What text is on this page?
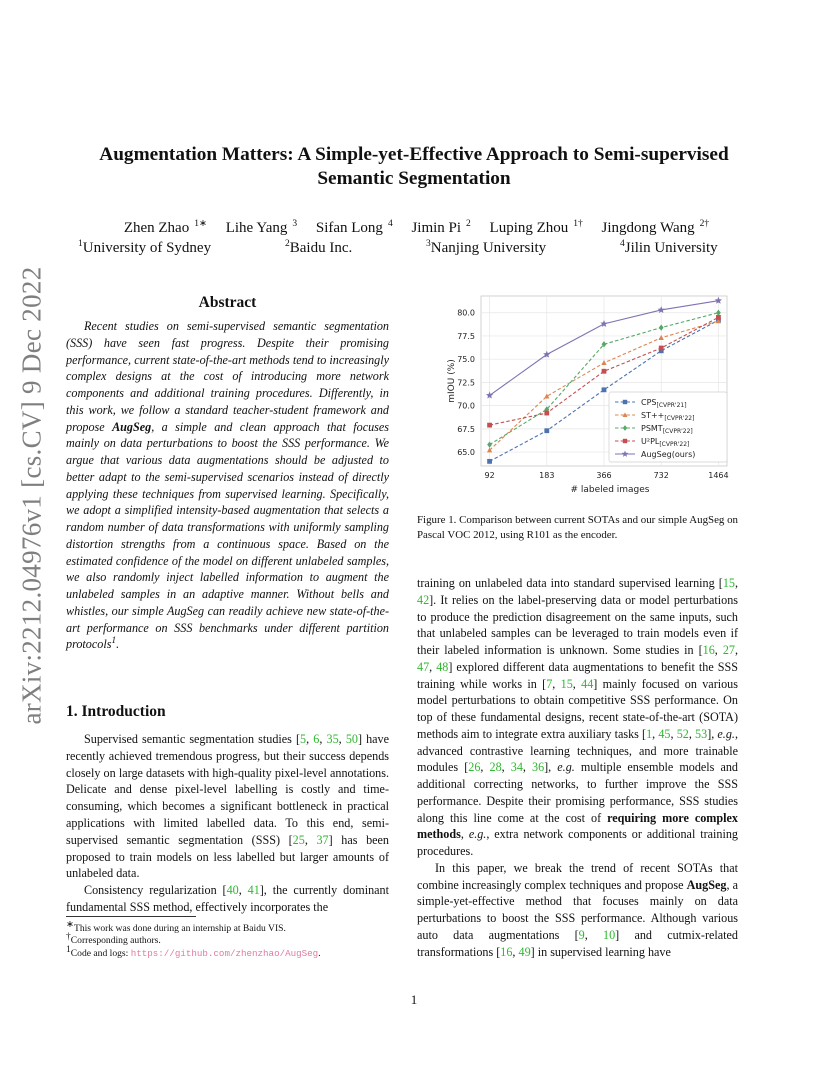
arXiv:2212.04976v1 [cs.CV] 9 Dec 2022
Augmentation Matters: A Simple-yet-Effective Approach to Semi-supervised
Semantic Segmentation
Zhen Zhao $^{1∗}$ Lihe Yang $^3$ Sifan Long $^4$ Jimin Pi $^2$ Luping Zhou $^{1\dagger}$ Jingdong Wang $^{2\dagger}$
$^1$ University of Sydney	$^2$ Baidu Inc.	$^3$ Nanjing University	$^4$ Jilin University
Abstract
Recent studies on semi-supervised semantic segmentation (SSS) have seen fast progress. Despite their promising performance, current state-of-the-art methods tend to increasingly complex designs at the cost of introducing more network components and additional training procedures. Differently, in this work, we follow a standard teacher-student framework and propose AugSeg, a simple and clean approach that focuses mainly on data perturbations to boost the SSS performance. We argue that various data augmentations should be adjusted to better adapt to the semi-supervised scenarios instead of directly applying these techniques from supervised learning. Specifically, we adopt a simplified intensity-based augmentation that selects a random number of data transformations with uniformly sampling distortion strengths from a continuous space. Based on the estimated confidence of the model on different unlabeled samples, we also randomly inject labelled information to augment the unlabeled samples in an adaptive manner. Without bells and whistles, our simple AugSeg can readily achieve new state-of-the-art performance on SSS benchmarks under different partition protocols$^1$.
1. Introduction

Supervised semantic segmentation studies [5, 6, 35, 50] have recently achieved tremendous progress, but their success depends closely on large datasets with high-quality pixel-level annotations. Delicate and dense pixel-level labelling is costly and time-consuming, which becomes a significant bottleneck in practical applications with limited labelled data. To this end, semi-supervised semantic segmentation (SSS) [25, 37] has been proposed to train models on less labelled but larger amounts of unlabeled data.

Consistency regularization [40, 41], the currently dominant fundamental SSS method, effectively incorporates the

∗This work was done during an internship at Baidu VIS.
†Corresponding authors.
$^1$Code and logs: https://github.com/zhenzhao/AugSeg.
65.0
67.5
70.0
72.5
75.0
77.5
80.0
92	183	366	732	1464
# labeled images
mIOU (%)	$CPS_{[CVPR'21]}$
$ST++_{[CVPR'22]}$
$PSMT_{[CVPR'22]}$
$U^2PL_{[CVPR'22]}$
AugSeg(ours)
Figure 1. Comparison between current SOTAs and our simple AugSeg on Pascal VOC 2012, using R101 as the encoder.

training on unlabeled data into standard supervised learning [15, 42]. It relies on the label-preserving data or model perturbations to produce the prediction disagreement on the same inputs, such that unlabeled samples can be leveraged to train models even if their labeled information is unknown. Some studies in [16, 27, 47, 48] explored different data augmentations to benefit the SSS training while works in [7, 15, 44] mainly focused on various model perturbations to obtain competitive SSS performance. On top of these fundamental designs, recent state-of-the-art (SOTA) methods aim to integrate extra auxiliary tasks [1, 45, 52, 53], e.g., advanced contrastive learning techniques, and more trainable modules [26, 28, 34, 36], e.g. multiple ensemble models and additional correcting networks, to further improve the SSS performance. Despite their promising performance, SSS studies along this line come at the cost of requiring more complex methods, e.g., extra network components or additional training procedures.

In this paper, we break the trend of recent SOTAs that combine increasingly complex techniques and propose AugSeg, a simple-yet-effective method that focuses mainly on data perturbations to boost the SSS performance. Although various auto data augmentations [9, 10] and cutmix-related transformations [16, 49] in supervised learning have

1
